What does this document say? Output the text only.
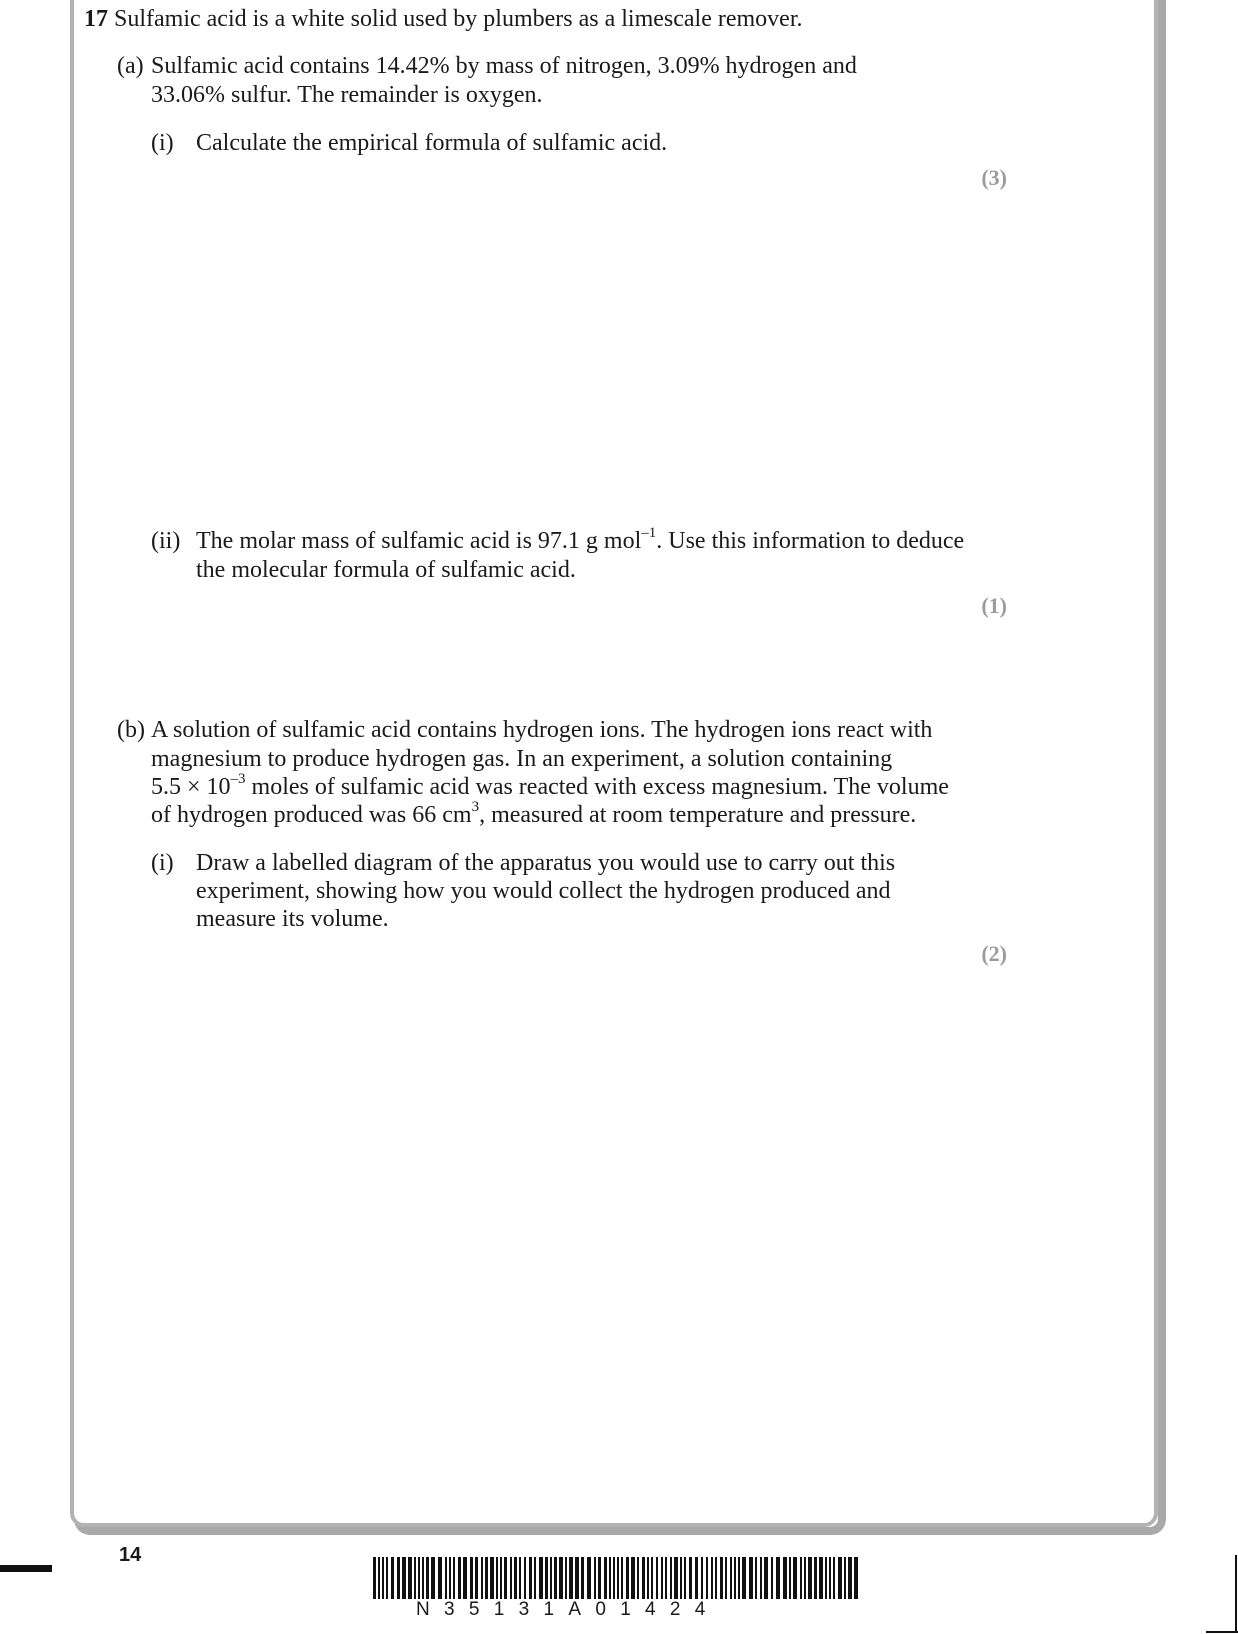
17 Sulfamic acid is a white solid used by plumbers as a limescale remover.

(a) Sulfamic acid contains 14.42% by mass of nitrogen, 3.09% hydrogen and

33.06% sulfur. The remainder is oxygen.

(i) Calculate the empirical formula of sulfamic acid.

(3)

(ii) The molar mass of sulfamic acid is 97.1 g mol$^{-1}$. Use this information to deduce

the molecular formula of sulfamic acid.

(1)

(b) A solution of sulfamic acid contains hydrogen ions. The hydrogen ions react with

magnesium to produce hydrogen gas. In an experiment, a solution containing

$5.5 \times 10^{-3}$ moles of sulfamic acid was reacted with excess magnesium. The volume

of hydrogen produced was 66 $cm^3$, measured at room temperature and pressure.

(i) Draw a labelled diagram of the apparatus you would use to carry out this

experiment, showing how you would collect the hydrogen produced and

measure its volume.

(2)
14
N35131A01424
